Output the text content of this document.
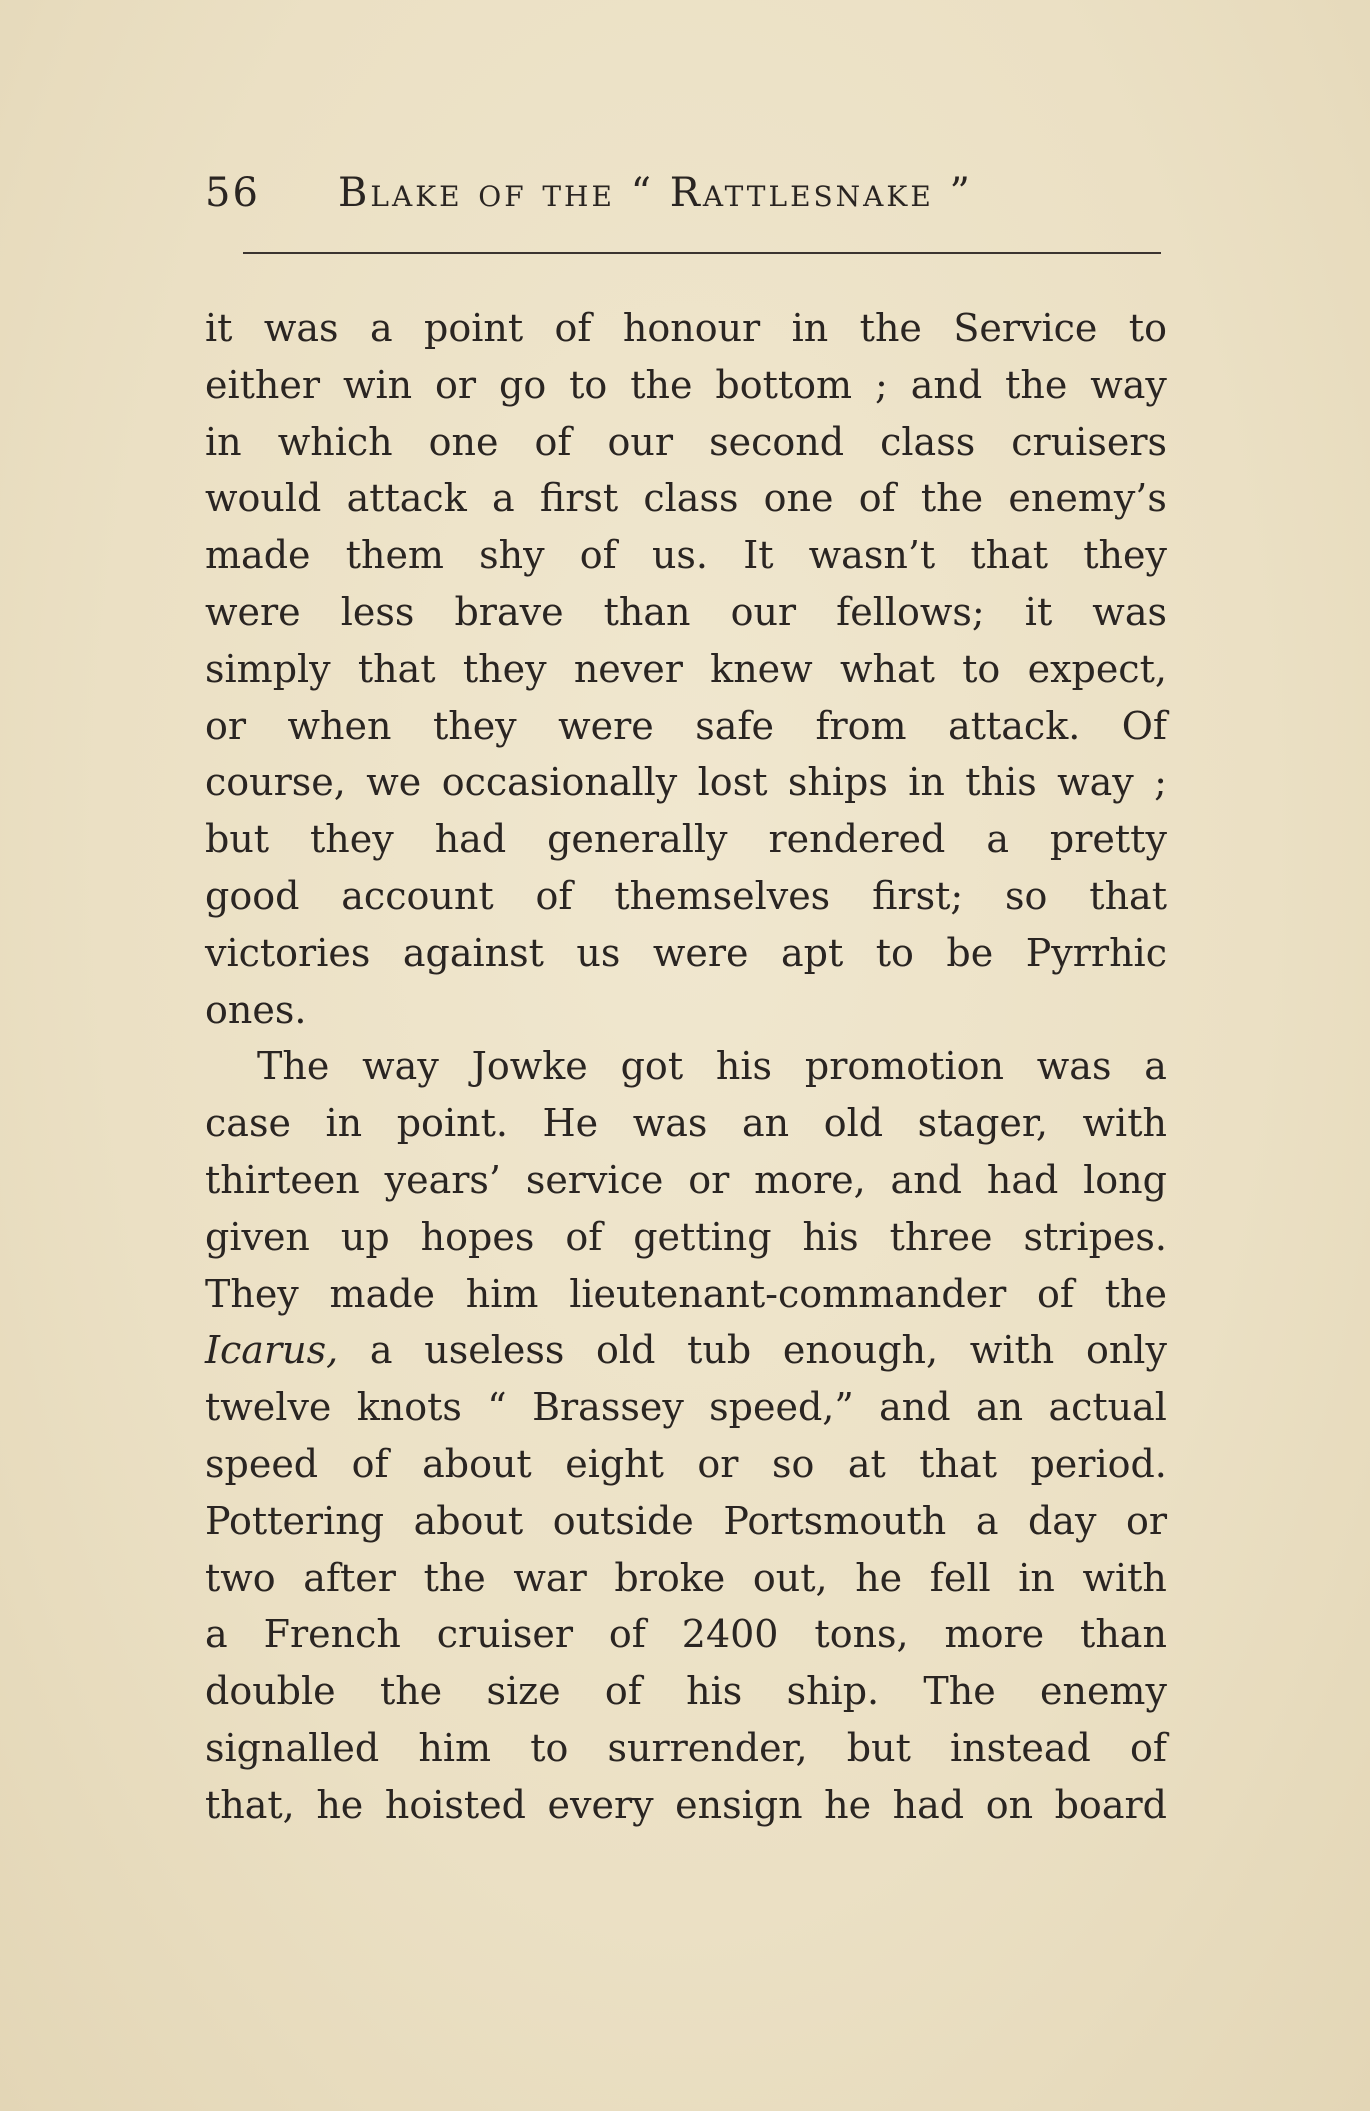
56 Blake of the “ Rattlesnake ”
it was a point of honour in the Service to
either win or go to the bottom ; and the way
in which one of our second class cruisers
would attack a first class one of the enemy’s
made them shy of us. It wasn’t that they
were less brave than our fellows; it was
simply that they never knew what to expect,
or when they were safe from attack. Of
course, we occasionally lost ships in this way ;
but they had generally rendered a pretty
good account of themselves first; so that
victories against us were apt to be Pyrrhic
ones.
The way Jowke got his promotion was a
case in point. He was an old stager, with
thirteen years’ service or more, and had long
given up hopes of getting his three stripes.
They made him lieutenant-commander of the
Icarus, a useless old tub enough, with only
twelve knots “ Brassey speed,” and an actual
speed of about eight or so at that period.
Pottering about outside Portsmouth a day or
two after the war broke out, he fell in with
a French cruiser of 2400 tons, more than
double the size of his ship. The enemy
signalled him to surrender, but instead of
that, he hoisted every ensign he had on board
